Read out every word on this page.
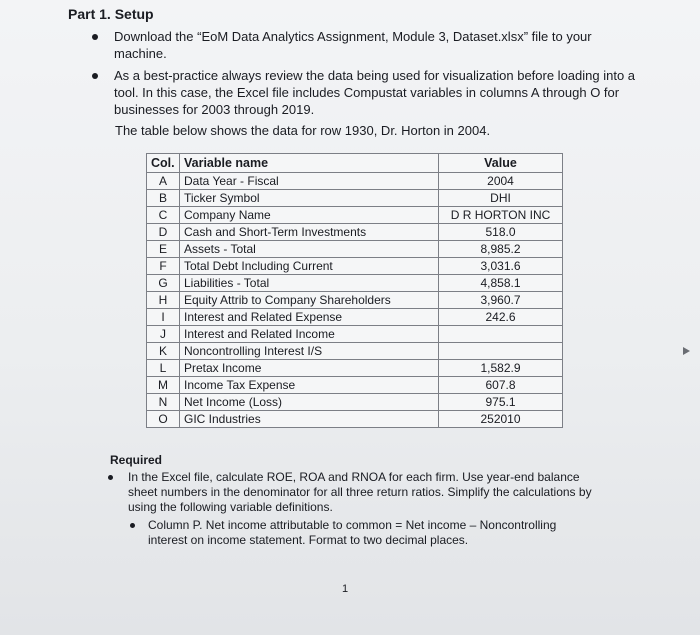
Part 1. Setup
Download the “EoM Data Analytics Assignment, Module 3, Dataset.xlsx” file to your machine.
As a best-practice always review the data being used for visualization before loading into a tool. In this case, the Excel file includes Compustat variables in columns A through O for businesses for 2003 through 2019.
The table below shows the data for row 1930, Dr. Horton in 2004.
Col.	Variable name	Value
A	Data Year - Fiscal	2004
B	Ticker Symbol	DHI
C	Company Name	D R HORTON INC
D	Cash and Short-Term Investments	518.0
E	Assets - Total	8,985.2
F	Total Debt Including Current	3,031.6
G	Liabilities - Total	4,858.1
H	Equity Attrib to Company Shareholders	3,960.7
I	Interest and Related Expense	242.6
J	Interest and Related Income	
K	Noncontrolling Interest I/S	
L	Pretax Income	1,582.9
M	Income Tax Expense	607.8
N	Net Income (Loss)	975.1
O	GIC Industries	252010
Required
In the Excel file, calculate ROE, ROA and RNOA for each firm. Use year-end balance sheet numbers in the denominator for all three return ratios. Simplify the calculations by using the following variable definitions.
Column P. Net income attributable to common = Net income – Noncontrolling interest on income statement. Format to two decimal places.
1
